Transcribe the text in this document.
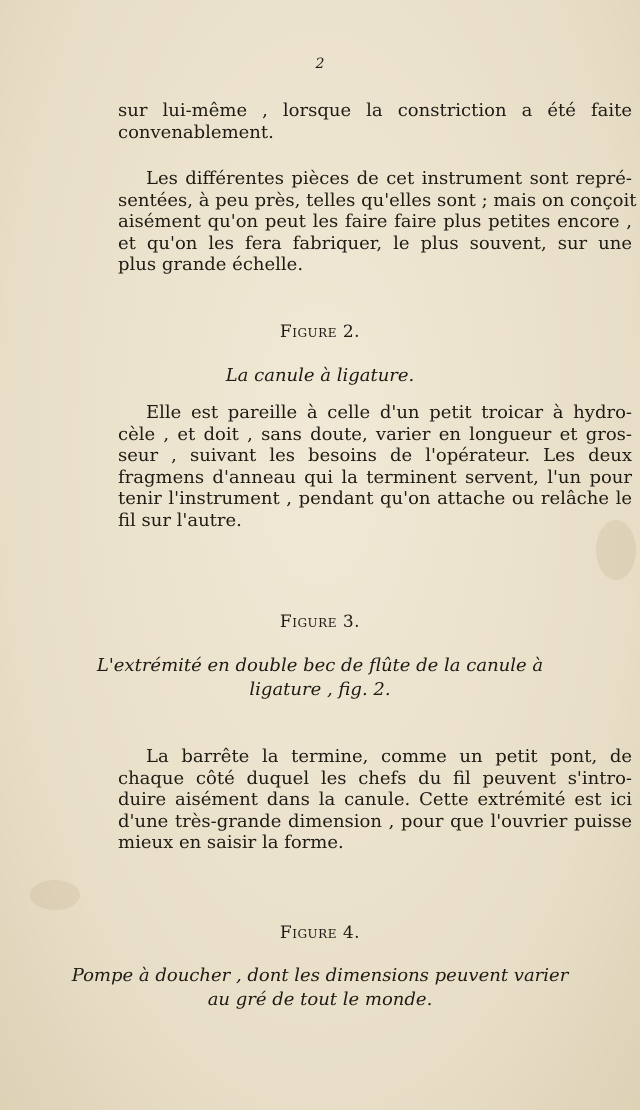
2
sur lui-même , lorsque la constriction a été faite
convenablement.
Les différentes pièces de cet instrument sont repré-
sentées, à peu près, telles qu'elles sont ; mais on conçoit
aisément qu'on peut les faire faire plus petites encore ,
et qu'on les fera fabriquer, le plus souvent, sur une
plus grande échelle.
Figure 2.
La canule à ligature.
Elle est pareille à celle d'un petit troicar à hydro-
cèle , et doit , sans doute, varier en longueur et gros-
seur , suivant les besoins de l'opérateur. Les deux
fragmens d'anneau qui la terminent servent, l'un pour
tenir l'instrument , pendant qu'on attache ou relâche le
fil sur l'autre.
Figure 3.
L'extrémité en double bec de flûte de la canule à
ligature , fig. 2.
La barrête la termine, comme un petit pont, de
chaque côté duquel les chefs du fil peuvent s'intro-
duire aisément dans la canule. Cette extrémité est ici
d'une très-grande dimension , pour que l'ouvrier puisse
mieux en saisir la forme.
Figure 4.
Pompe à doucher , dont les dimensions peuvent varier
au gré de tout le monde.
